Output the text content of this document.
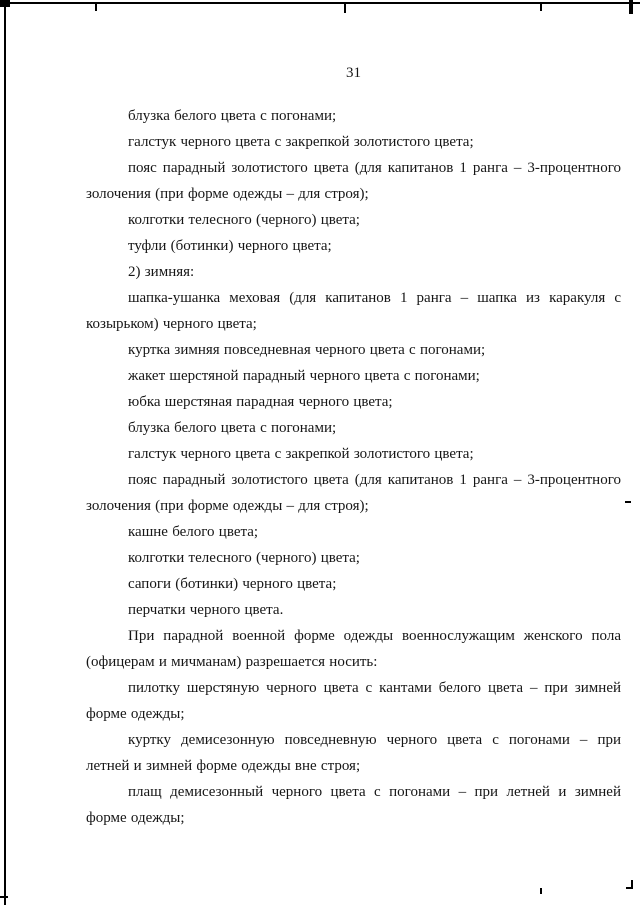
31

блузка белого цвета с погонами;

галстук черного цвета с закрепкой золотистого цвета;

пояс парадный золотистого цвета (для капитанов 1 ранга – 3-процентного золочения (при форме одежды – для строя);

колготки телесного (черного) цвета;

туфли (ботинки) черного цвета;

2) зимняя:

шапка-ушанка меховая (для капитанов 1 ранга – шапка из каракуля с козырьком) черного цвета;

куртка зимняя повседневная черного цвета с погонами;

жакет шерстяной парадный черного цвета с погонами;

юбка шерстяная парадная черного цвета;

блузка белого цвета с погонами;

галстук черного цвета с закрепкой золотистого цвета;

пояс парадный золотистого цвета (для капитанов 1 ранга – 3-процентного золочения (при форме одежды – для строя);

кашне белого цвета;

колготки телесного (черного) цвета;

сапоги (ботинки) черного цвета;

перчатки черного цвета.

При парадной военной форме одежды военнослужащим женского пола (офицерам и мичманам) разрешается носить:

пилотку шерстяную черного цвета с кантами белого цвета – при зимней форме одежды;

куртку демисезонную повседневную черного цвета с погонами – при летней и зимней форме одежды вне строя;

плащ демисезонный черного цвета с погонами – при летней и зимней форме одежды;
